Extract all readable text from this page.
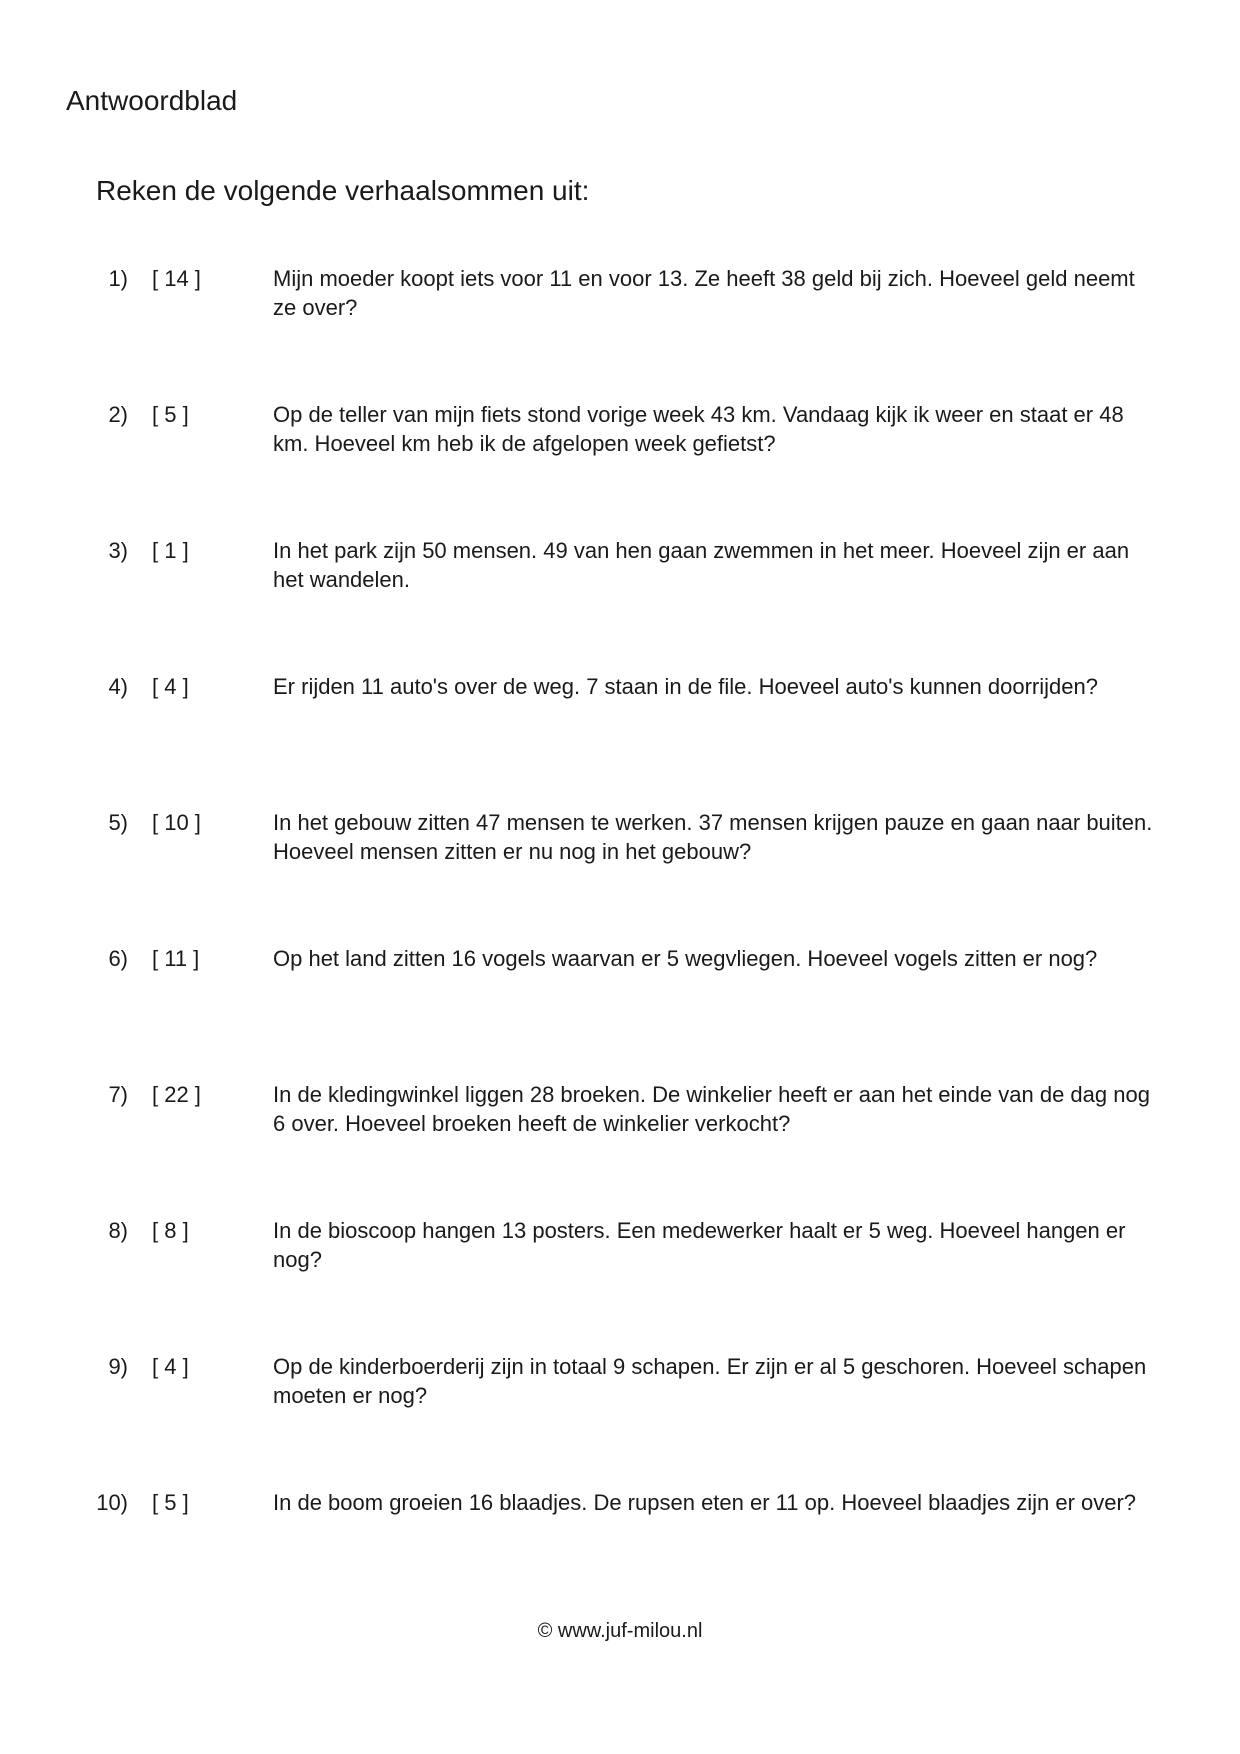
Antwoordblad
Reken de volgende verhaalsommen uit:
1) [ 14 ]	Mijn moeder koopt iets voor 11 en voor 13. Ze heeft 38 geld bij zich. Hoeveel geld neemt ze over?
2) [ 5 ]	Op de teller van mijn fiets stond vorige week 43 km. Vandaag kijk ik weer en staat er 48 km. Hoeveel km heb ik de afgelopen week gefietst?
3) [ 1 ]	In het park zijn 50 mensen. 49 van hen gaan zwemmen in het meer. Hoeveel zijn er aan het wandelen.
4) [ 4 ]	Er rijden 11 auto's over de weg. 7 staan in de file. Hoeveel auto's kunnen doorrijden?
5) [ 10 ]	In het gebouw zitten 47 mensen te werken. 37 mensen krijgen pauze en gaan naar buiten. Hoeveel mensen zitten er nu nog in het gebouw?
6) [ 11 ]	Op het land zitten 16 vogels waarvan er 5 wegvliegen. Hoeveel vogels zitten er nog?
7) [ 22 ]	In de kledingwinkel liggen 28 broeken. De winkelier heeft er aan het einde van de dag nog 6 over. Hoeveel broeken heeft de winkelier verkocht?
8) [ 8 ]	In de bioscoop hangen 13 posters. Een medewerker haalt er 5 weg. Hoeveel hangen er nog?
9) [ 4 ]	Op de kinderboerderij zijn in totaal 9 schapen. Er zijn er al 5 geschoren. Hoeveel schapen moeten er nog?
10) [ 5 ]	In de boom groeien 16 blaadjes. De rupsen eten er 11 op. Hoeveel blaadjes zijn er over?
© www.juf-milou.nl
